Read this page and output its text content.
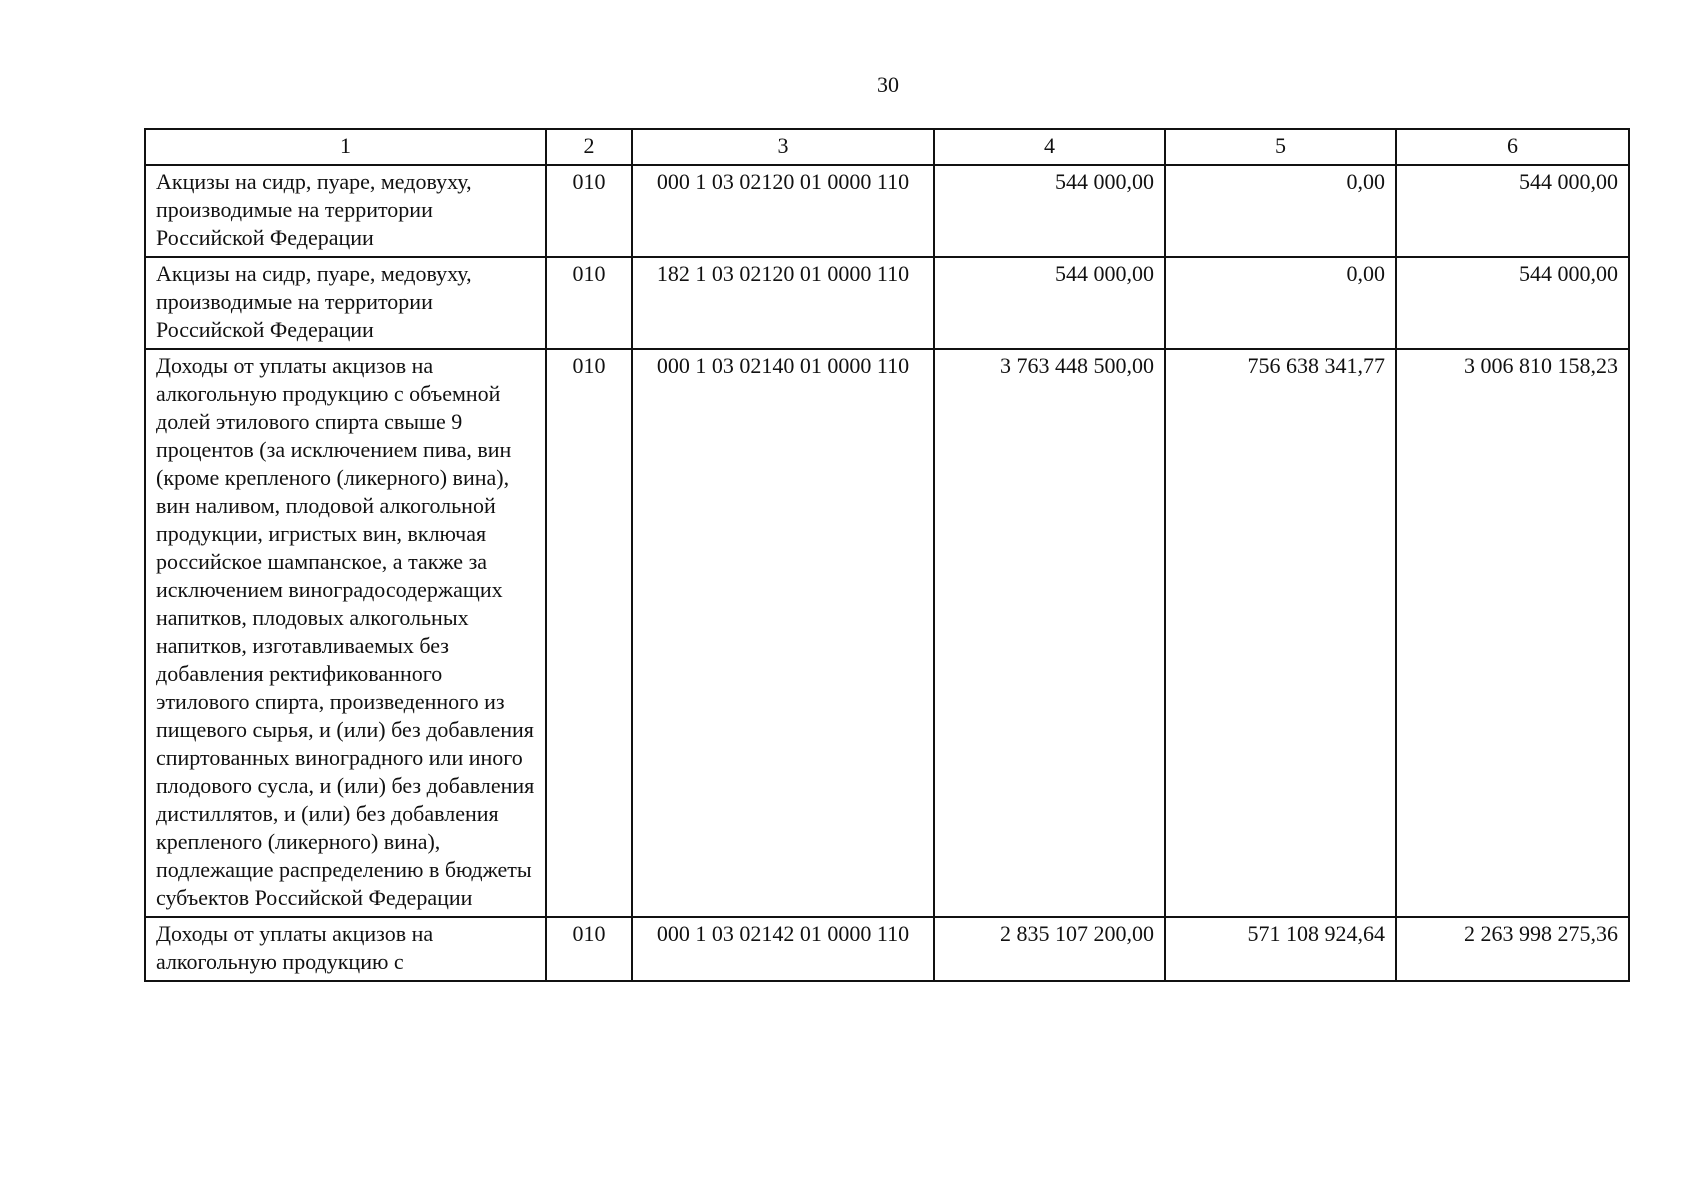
30
1	2	3	4	5	6
Акцизы на сидр, пуаре, медовуху, производимые на территории Российской Федерации	010	000 1 03 02120 01 0000 110	544 000,00	0,00	544 000,00
Акцизы на сидр, пуаре, медовуху, производимые на территории Российской Федерации	010	182 1 03 02120 01 0000 110	544 000,00	0,00	544 000,00
Доходы от уплаты акцизов на алкогольную продукцию с объемной долей этилового спирта свыше 9 процентов (за исключением пива, вин (кроме крепленого (ликерного) вина), вин наливом, плодовой алкогольной продукции, игристых вин, включая российское шампанское, а также за исключением виноградосодержащих напитков, плодовых алкогольных напитков, изготавливаемых без добавления ректификованного этилового спирта, произведенного из пищевого сырья, и (или) без добавления спиртованных виноградного или иного плодового сусла, и (или) без добавления дистиллятов, и (или) без добавления крепленого (ликерного) вина), подлежащие распределению в бюджеты субъектов Российской Федерации	010	000 1 03 02140 01 0000 110	3 763 448 500,00	756 638 341,77	3 006 810 158,23
Доходы от уплаты акцизов на алкогольную продукцию с	010	000 1 03 02142 01 0000 110	2 835 107 200,00	571 108 924,64	2 263 998 275,36
